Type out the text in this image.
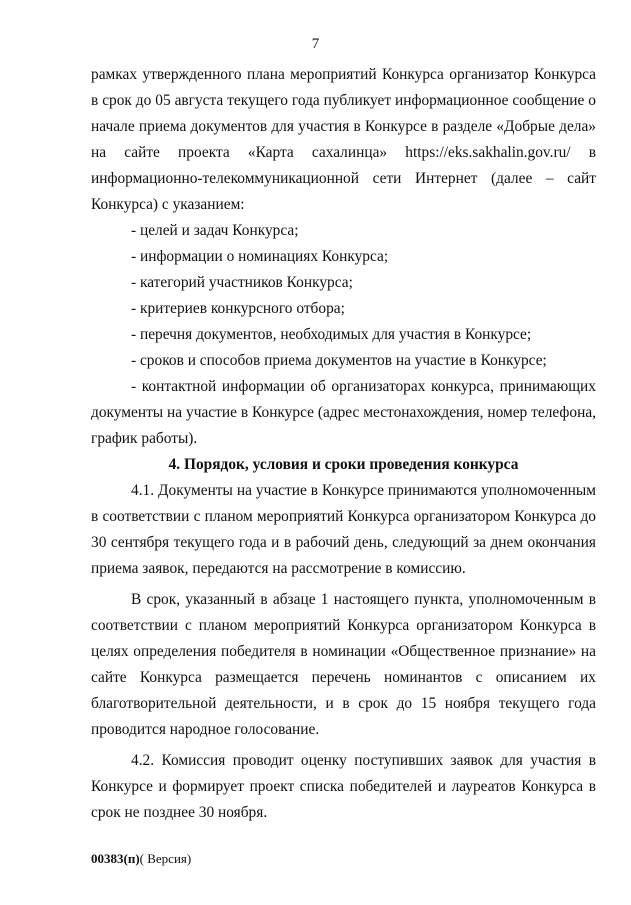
7

рамках утвержденного плана мероприятий Конкурса организатор Конкурса в срок до 05 августа текущего года публикует информационное сообщение о начале приема документов для участия в Конкурсе в разделе «Добрые дела» на сайте проекта «Карта сахалинца» https://eks.sakhalin.gov.ru/ в информационно-телекоммуникационной сети Интернет (далее – сайт Конкурса) с указанием:

- целей и задач Конкурса;

- информации о номинациях Конкурса;

- категорий участников Конкурса;

- критериев конкурсного отбора;

- перечня документов, необходимых для участия в Конкурсе;

- сроков и способов приема документов на участие в Конкурсе;

- контактной информации об организаторах конкурса, принимающих документы на участие в Конкурсе (адрес местонахождения, номер телефона, график работы).

4. Порядок, условия и сроки проведения конкурса

4.1. Документы на участие в Конкурсе принимаются уполномоченным в соответствии с планом мероприятий Конкурса организатором Конкурса до 30 сентября текущего года и в рабочий день, следующий за днем окончания приема заявок, передаются на рассмотрение в комиссию.

В срок, указанный в абзаце 1 настоящего пункта, уполномоченным в соответствии с планом мероприятий Конкурса организатором Конкурса в целях определения победителя в номинации «Общественное признание» на сайте Конкурса размещается перечень номинантов с описанием их благотворительной деятельности, и в срок до 15 ноября текущего года проводится народное голосование.

4.2. Комиссия проводит оценку поступивших заявок для участия в Конкурсе и формирует проект списка победителей и лауреатов Конкурса в срок не позднее 30 ноября.

00383(п)( Версия)
